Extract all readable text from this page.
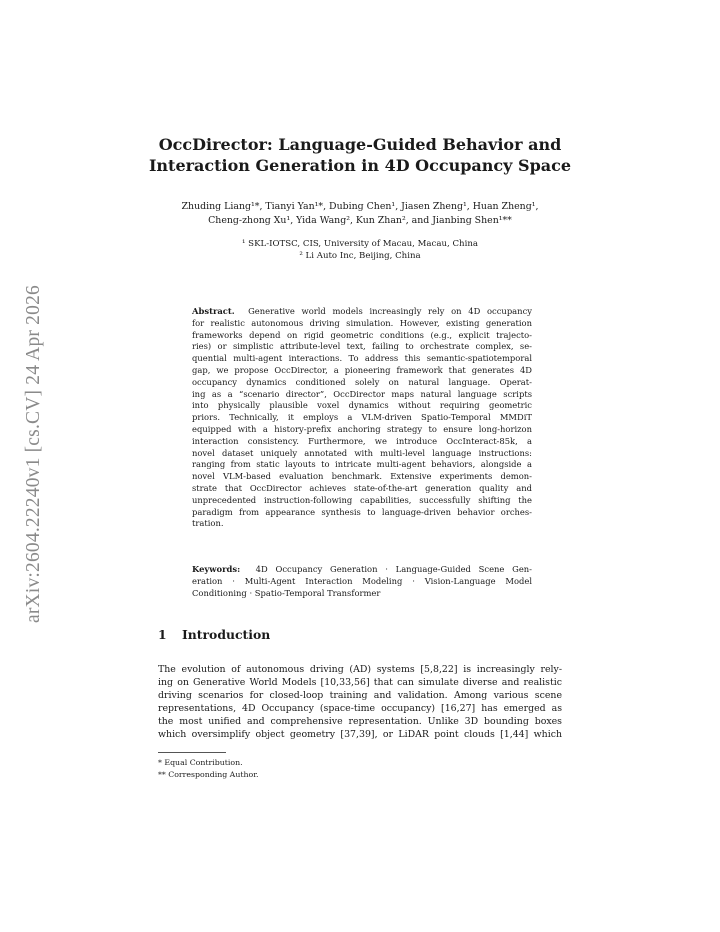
arXiv:2604.22240v1 [cs.CV] 24 Apr 2026
OccDirector: Language-Guided Behavior and
Interaction Generation in 4D Occupancy Space
Zhuding Liang¹*, Tianyi Yan¹*, Dubing Chen¹, Jiasen Zheng¹, Huan Zheng¹,
Cheng-zhong Xu¹, Yida Wang², Kun Zhan², and Jianbing Shen¹**
¹ SKL-IOTSC, CIS, University of Macau, Macau, China
² Li Auto Inc, Beijing, China
Abstract. Generative world models increasingly rely on 4D occupancy
for realistic autonomous driving simulation. However, existing generation
frameworks depend on rigid geometric conditions (e.g., explicit trajecto-
ries) or simplistic attribute-level text, failing to orchestrate complex, se-
quential multi-agent interactions. To address this semantic-spatiotemporal
gap, we propose OccDirector, a pioneering framework that generates 4D
occupancy dynamics conditioned solely on natural language. Operat-
ing as a “scenario director”, OccDirector maps natural language scripts
into physically plausible voxel dynamics without requiring geometric
priors. Technically, it employs a VLM-driven Spatio-Temporal MMDiT
equipped with a history-prefix anchoring strategy to ensure long-horizon
interaction consistency. Furthermore, we introduce OccInteract-85k, a
novel dataset uniquely annotated with multi-level language instructions:
ranging from static layouts to intricate multi-agent behaviors, alongside a
novel VLM-based evaluation benchmark. Extensive experiments demon-
strate that OccDirector achieves state-of-the-art generation quality and
unprecedented instruction-following capabilities, successfully shifting the
paradigm from appearance synthesis to language-driven behavior orches-
tration.
Keywords: 4D Occupancy Generation · Language-Guided Scene Gen-
eration · Multi-Agent Interaction Modeling · Vision-Language Model
Conditioning · Spatio-Temporal Transformer
1 Introduction
The evolution of autonomous driving (AD) systems [5,8,22] is increasingly rely-
ing on Generative World Models [10,33,56] that can simulate diverse and realistic
driving scenarios for closed-loop training and validation. Among various scene
representations, 4D Occupancy (space-time occupancy) [16,27] has emerged as
the most unified and comprehensive representation. Unlike 3D bounding boxes
which oversimplify object geometry [37,39], or LiDAR point clouds [1,44] which
* Equal Contribution.
** Corresponding Author.
